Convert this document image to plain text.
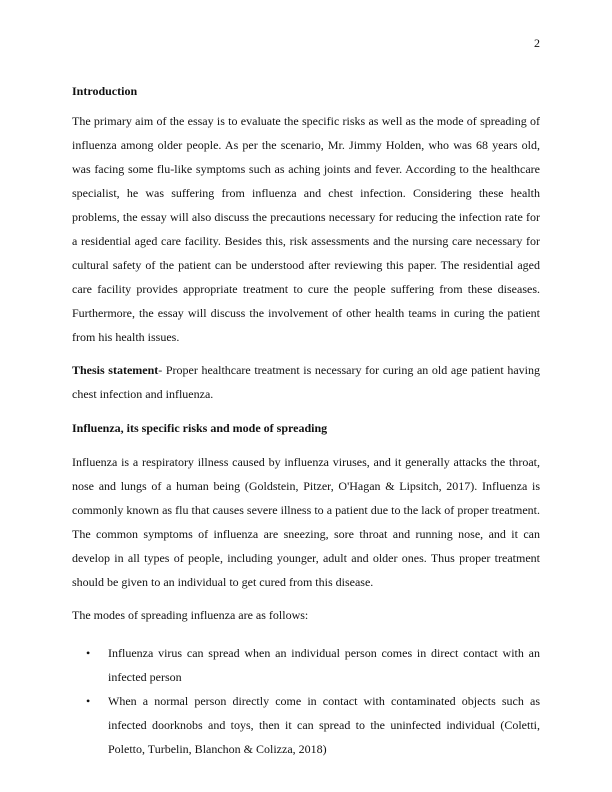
2
Introduction

The primary aim of the essay is to evaluate the specific risks as well as the mode of spreading of influenza among older people. As per the scenario, Mr. Jimmy Holden, who was 68 years old, was facing some flu-like symptoms such as aching joints and fever. According to the healthcare specialist, he was suffering from influenza and chest infection. Considering these health problems, the essay will also discuss the precautions necessary for reducing the infection rate for a residential aged care facility. Besides this, risk assessments and the nursing care necessary for cultural safety of the patient can be understood after reviewing this paper. The residential aged care facility provides appropriate treatment to cure the people suffering from these diseases. Furthermore, the essay will discuss the involvement of other health teams in curing the patient from his health issues.

Thesis statement- Proper healthcare treatment is necessary for curing an old age patient having chest infection and influenza.

Influenza, its specific risks and mode of spreading

Influenza is a respiratory illness caused by influenza viruses, and it generally attacks the throat, nose and lungs of a human being (Goldstein, Pitzer, O'Hagan & Lipsitch, 2017). Influenza is commonly known as flu that causes severe illness to a patient due to the lack of proper treatment. The common symptoms of influenza are sneezing, sore throat and running nose, and it can develop in all types of people, including younger, adult and older ones. Thus proper treatment should be given to an individual to get cured from this disease.

The modes of spreading influenza are as follows:

• Influenza virus can spread when an individual person comes in direct contact with an infected person
• When a normal person directly come in contact with contaminated objects such as infected doorknobs and toys, then it can spread to the uninfected individual (Coletti, Poletto, Turbelin, Blanchon & Colizza, 2018)
